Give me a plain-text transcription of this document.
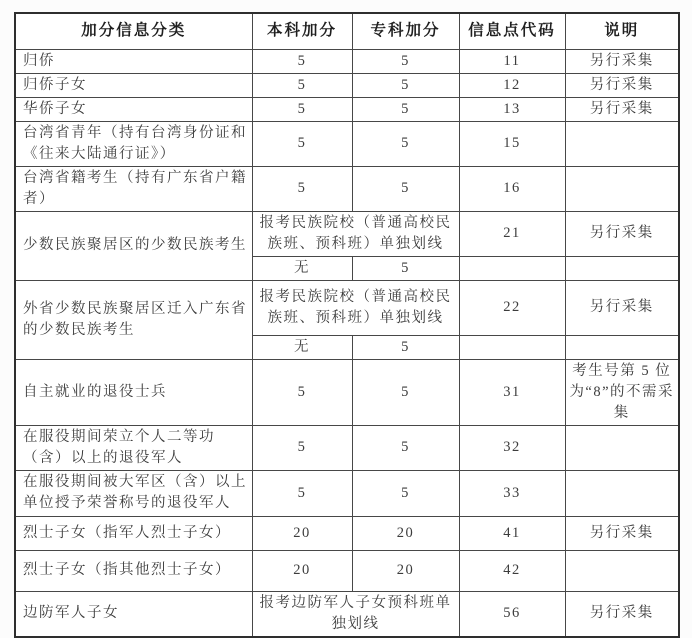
加分信息分类	本科加分	专科加分	信息点代码	说明
归侨	5	5	11	另行采集
归侨子女	5	5	12	另行采集
华侨子女	5	5	13	另行采集
台湾省青年（持有台湾身份证和《往来大陆通行证》）	5	5	15	
台湾省籍考生（持有广东省户籍者）	5	5	16	
少数民族聚居区的少数民族考生	报考民族院校（普通高校民族班、预科班）单独划线		21	另行采集
	无	5		
外省少数民族聚居区迁入广东省的少数民族考生	报考民族院校（普通高校民族班、预科班）单独划线		22	另行采集
	无	5		
自主就业的退役士兵	5	5	31	考生号第 5 位为“8”的不需采集
在服役期间荣立个人二等功（含）以上的退役军人	5	5	32	
在服役期间被大军区（含）以上单位授予荣誉称号的退役军人	5	5	33	
烈士子女（指军人烈士子女）	20	20	41	另行采集
烈士子女（指其他烈士子女）	20	20	42	
边防军人子女	报考边防军人子女预科班单独划线		56	另行采集
